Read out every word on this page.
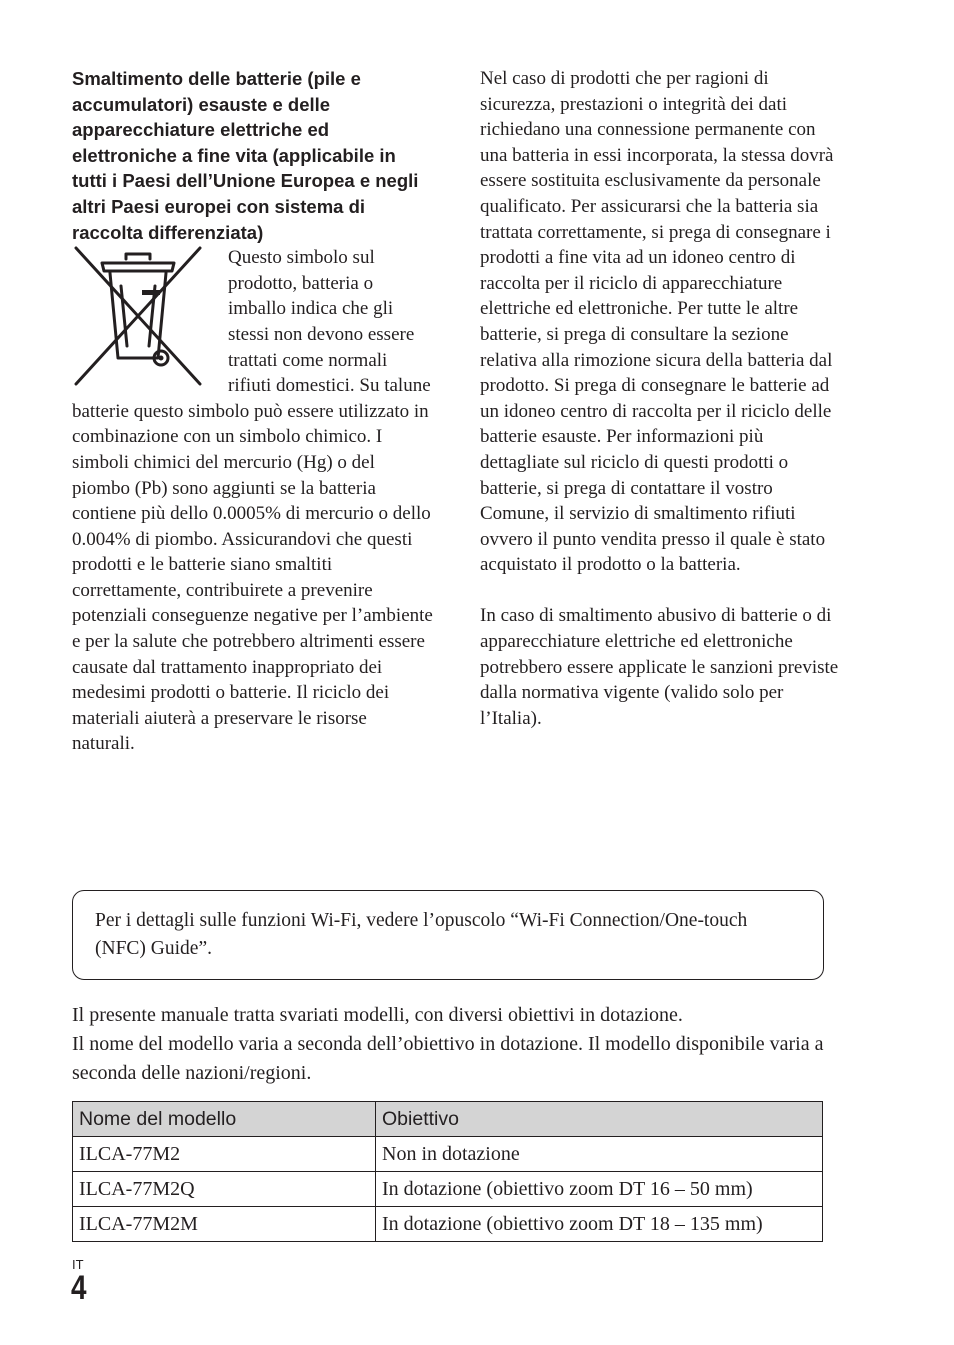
Smaltimento delle batterie (pile e accumulatori) esauste e delle apparecchiature elettriche ed elettroniche a fine vita (applicabile in tutti i Paesi dell’Unione Europea e negli altri Paesi europei con sistema di raccolta differenziata)

Questo simbolo sul prodotto, batteria o imballo indica che gli stessi non devono essere trattati come normali rifiuti domestici. Su talune batterie questo simbolo può essere utilizzato in combinazione con un simbolo chimico. I simboli chimici del mercurio (Hg) o del piombo (Pb) sono aggiunti se la batteria contiene più dello 0.0005% di mercurio o dello 0.004% di piombo. Assicurandovi che questi prodotti e le batterie siano smaltiti correttamente, contribuirete a prevenire potenziali conseguenze negative per l’ambiente e per la salute che potrebbero altrimenti essere causate dal trattamento inappropriato dei medesimi prodotti o batterie. Il riciclo dei materiali aiuterà a preservare le risorse naturali.

Nel caso di prodotti che per ragioni di sicurezza, prestazioni o integrità dei dati richiedano una connessione permanente con una batteria in essi incorporata, la stessa dovrà essere sostituita esclusivamente da personale qualificato. Per assicurarsi che la batteria sia trattata correttamente, si prega di consegnare i prodotti a fine vita ad un idoneo centro di raccolta per il riciclo di apparecchiature elettriche ed elettroniche. Per tutte le altre batterie, si prega di consultare la sezione relativa alla rimozione sicura della batteria dal prodotto. Si prega di consegnare le batterie ad un idoneo centro di raccolta per il riciclo delle batterie esauste. Per informazioni più dettagliate sul riciclo di questi prodotti o batterie, si prega di contattare il vostro Comune, il servizio di smaltimento rifiuti ovvero il punto vendita presso il quale è stato acquistato il prodotto o la batteria.

In caso di smaltimento abusivo di batterie o di apparecchiature elettriche ed elettroniche potrebbero essere applicate le sanzioni previste dalla normativa vigente (valido solo per l’Italia).

Per i dettagli sulle funzioni Wi-Fi, vedere l’opuscolo “Wi-Fi Connection/One-touch (NFC) Guide”.

Il presente manuale tratta svariati modelli, con diversi obiettivi in dotazione.

Il nome del modello varia a seconda dell’obiettivo in dotazione. Il modello disponibile varia a seconda delle nazioni/regioni.

Nome del modello	Obiettivo
ILCA-77M2	Non in dotazione
ILCA-77M2Q	In dotazione (obiettivo zoom DT 16 – 50 mm)
ILCA-77M2M	In dotazione (obiettivo zoom DT 18 – 135 mm)
IT
4
